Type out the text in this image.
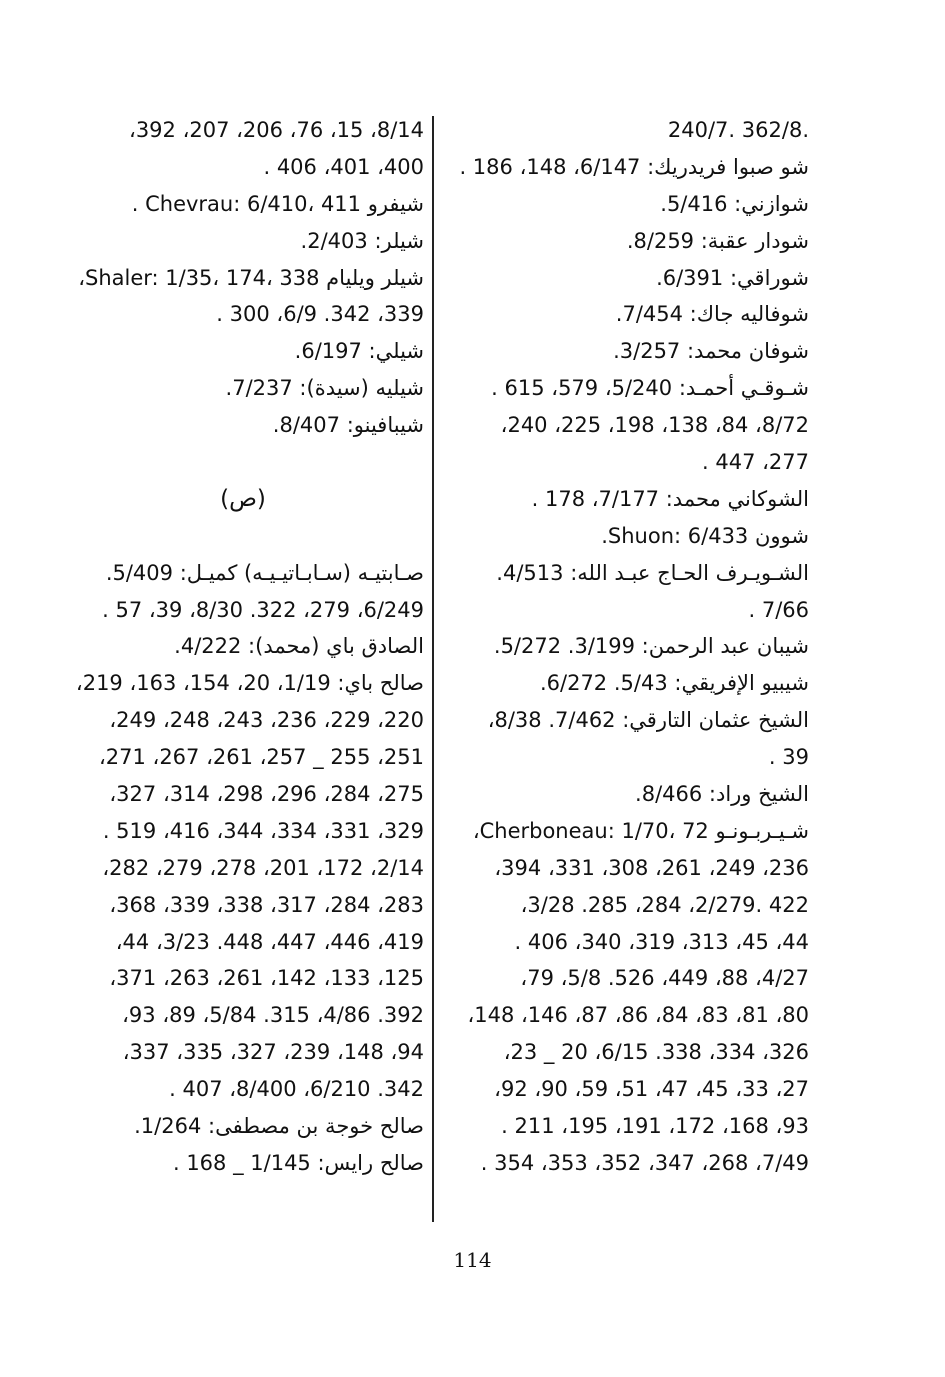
.362/8 .240/7
شو صبوا فريدريك: 6/147، 148، 186 .
شوازني: 5/416.
شودار عقبة: 8/259.
شوراقي: 6/391.
شوفاليه جاك: 7/454.
شوفان محمد: 3/257.
شـوقـي أحمـد: 5/240، 579، 615 .
8/72، 84، 138، 198، 225، 240،
277، 447 .
الشوكاني محمد: 7/177، 178 .
شوون Shuon: 6/433.
الشـويـرف الحـاج عبـد الله: 4/513.
7/66 .
شيبان عبد الرحمن: 3/199. 5/272.
شيبيو الإفريقي: 5/43. 6/272.
الشيخ عثمان التارقي: 7/462. 8/38،
39 .
الشيخ وراد: 8/466.
شـيـربـونـو Cherboneau: 1/70، 72،
236، 249، 261، 308، 331، 394،
422 .2/279، 284، 285. 3/28،
44، 45، 313، 319، 340، 406 .
4/27، 88، 449، 526. 5/8، 79،
80، 81، 83، 84، 86، 87، 146، 148،
326، 334، 338. 6/15، 20 _ 23،
27، 33، 45، 47، 51، 59، 90، 92،
93، 168، 172، 191، 195، 211 .
7/49، 268، 347، 352، 353، 354 .
8/14، 15، 76، 206، 207، 392،
400، 401، 406 .
شيفرو Chevrau: 6/410، 411 .
شيلر: 2/403.
شيلر ويليام Shaler: 1/35، 174، 338،
339، 342. 6/9، 300 .
شيلي: 6/197.
شيليه (سيدة): 7/237.
شيبافينو: 8/407.
(ص)
صـابتيـه (سـابـاتيـيـه) كميـل: 5/409.
6/249، 279، 322. 8/30، 39، 57 .
الصادق باي (محمد): 4/222.
صالح باي: 1/19، 20، 154، 163، 219،
220، 229، 236، 243، 248، 249،
251، 255 _ 257، 261، 267، 271،
275، 284، 296، 298، 314، 327،
329، 331، 334، 344، 416، 519 .
2/14، 172، 201، 278، 279، 282،
283، 284، 317، 338، 339، 368،
419، 446، 447، 448. 3/23، 44،
125، 133، 142، 261، 263، 371،
392. 4/86، 315. 5/84، 89، 93،
94، 148، 239، 327، 335، 337،
342. 6/210، 8/400، 407 .
صالح خوجة بن مصطفى: 1/264.
صالح رايس: 1/145 _ 168 .
114
